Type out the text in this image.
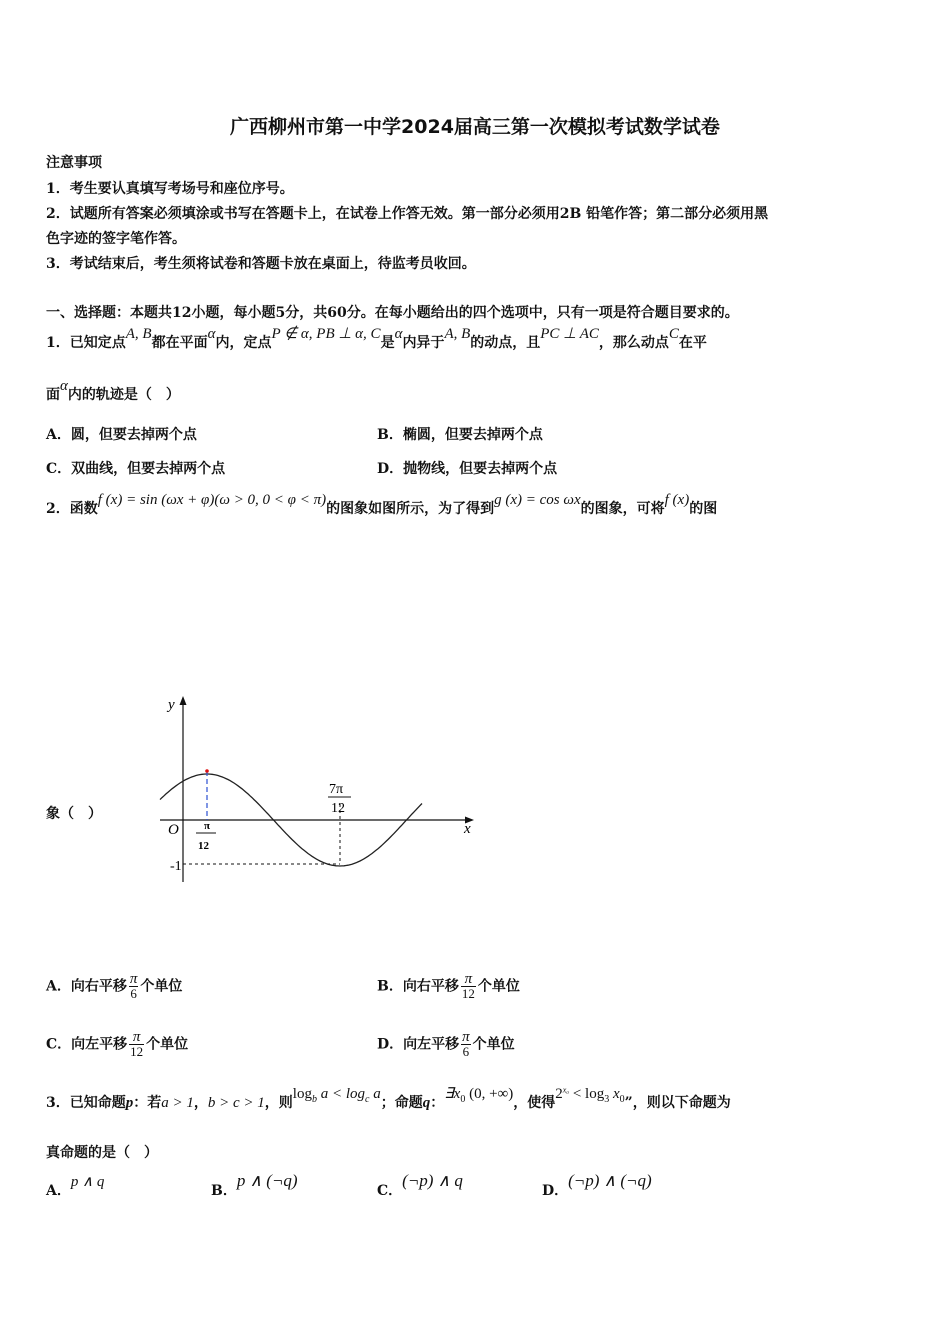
广西柳州市第一中学2024届高三第一次模拟考试数学试卷
注意事项
1．考生要认真填写考场号和座位序号。
2．试题所有答案必须填涂或书写在答题卡上，在试卷上作答无效。第一部分必须用2B 铅笔作答；第二部分必须用黑
色字迹的签字笔作答。
3．考试结束后，考生须将试卷和答题卡放在桌面上，待监考员收回。
一、选择题：本题共12小题，每小题5分，共60分。在每小题给出的四个选项中，只有一项是符合题目要求的。
1．已知定点A, B都在平面α内，定点P ∉ α, PB ⊥ α, C是α内异于A, B的动点，且PC ⊥ AC，那么动点C在平
面α内的轨迹是（　）
A．圆，但要去掉两个点	B．椭圆，但要去掉两个点
C．双曲线，但要去掉两个点	D．抛物线，但要去掉两个点
2．函数f (x) = sin (ωx + φ)(ω > 0, 0 < φ < π)的图象如图所示，为了得到g (x) = cos ωx的图象，可将f (x)的图
象（　）
y
x
O
-1
π
12
7π
12
A．向右平移 $\frac{\pi}{6}$ 个单位	B．向右平移 $\frac{\pi}{12}$ 个单位
C．向左平移 $\frac{\pi}{12}$ 个单位	D．向左平移 $\frac{\pi}{6}$ 个单位
3．已知命题p：若a > 1，b > c > 1，则$\log_b a < \log_c a$；命题q：$\exists x_0$ (0, +∞)，使得$2^{x_0} < \log_3 x_0$”，则以下命题为
真命题的是（　）
A．p ∧ q
B．p ∧ (¬q)
C．(¬p) ∧ q
D．(¬p) ∧ (¬q)
